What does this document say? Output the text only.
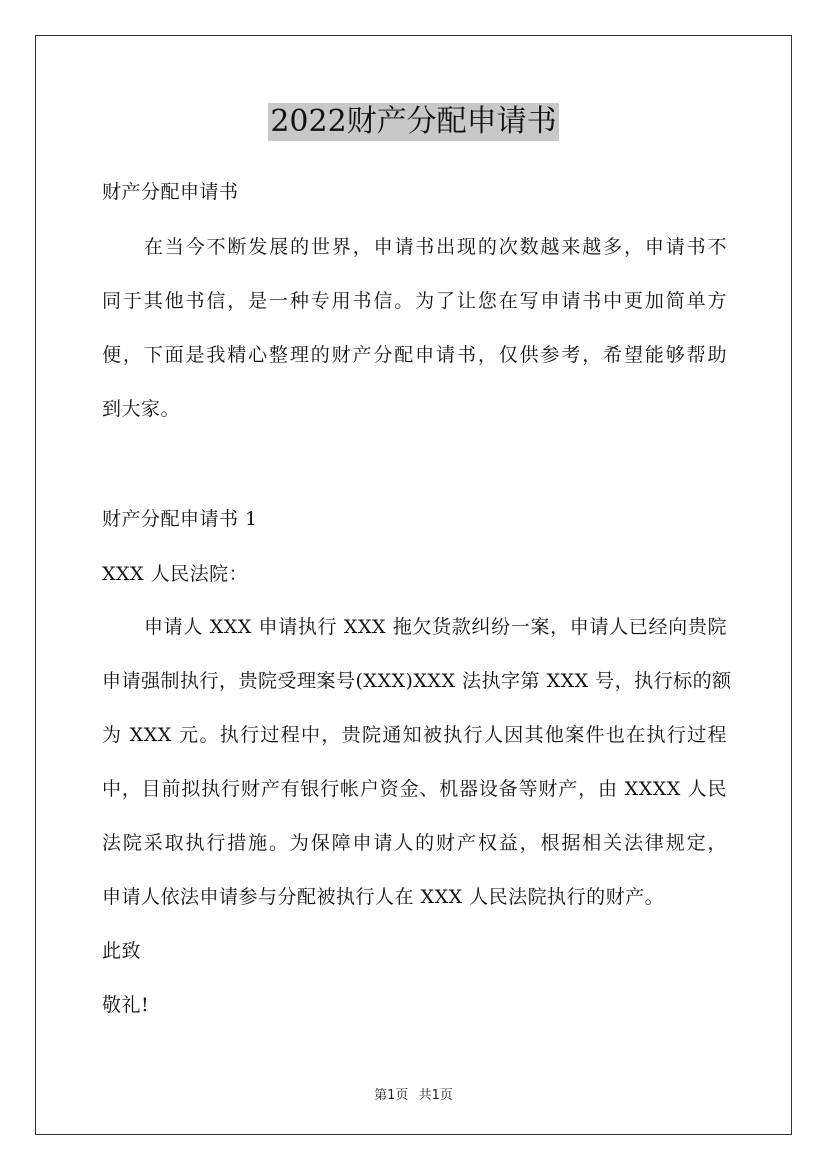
2022财产分配申请书
财产分配申请书
在当今不断发展的世界，申请书出现的次数越来越多，申请书不
同于其他书信，是一种专用书信。为了让您在写申请书中更加简单方
便，下面是我精心整理的财产分配申请书，仅供参考，希望能够帮助
到大家。
财产分配申请书 1
XXX 人民法院：
申请人 XXX 申请执行 XXX 拖欠货款纠纷一案，申请人已经向贵院
申请强制执行，贵院受理案号(XXX)XXX 法执字第 XXX 号，执行标的额
为 XXX 元。执行过程中，贵院通知被执行人因其他案件也在执行过程
中，目前拟执行财产有银行帐户资金、机器设备等财产，由 XXXX 人民
法院采取执行措施。为保障申请人的财产权益，根据相关法律规定，
申请人依法申请参与分配被执行人在 XXX 人民法院执行的财产。
此致
敬礼!
第1页 共1页
